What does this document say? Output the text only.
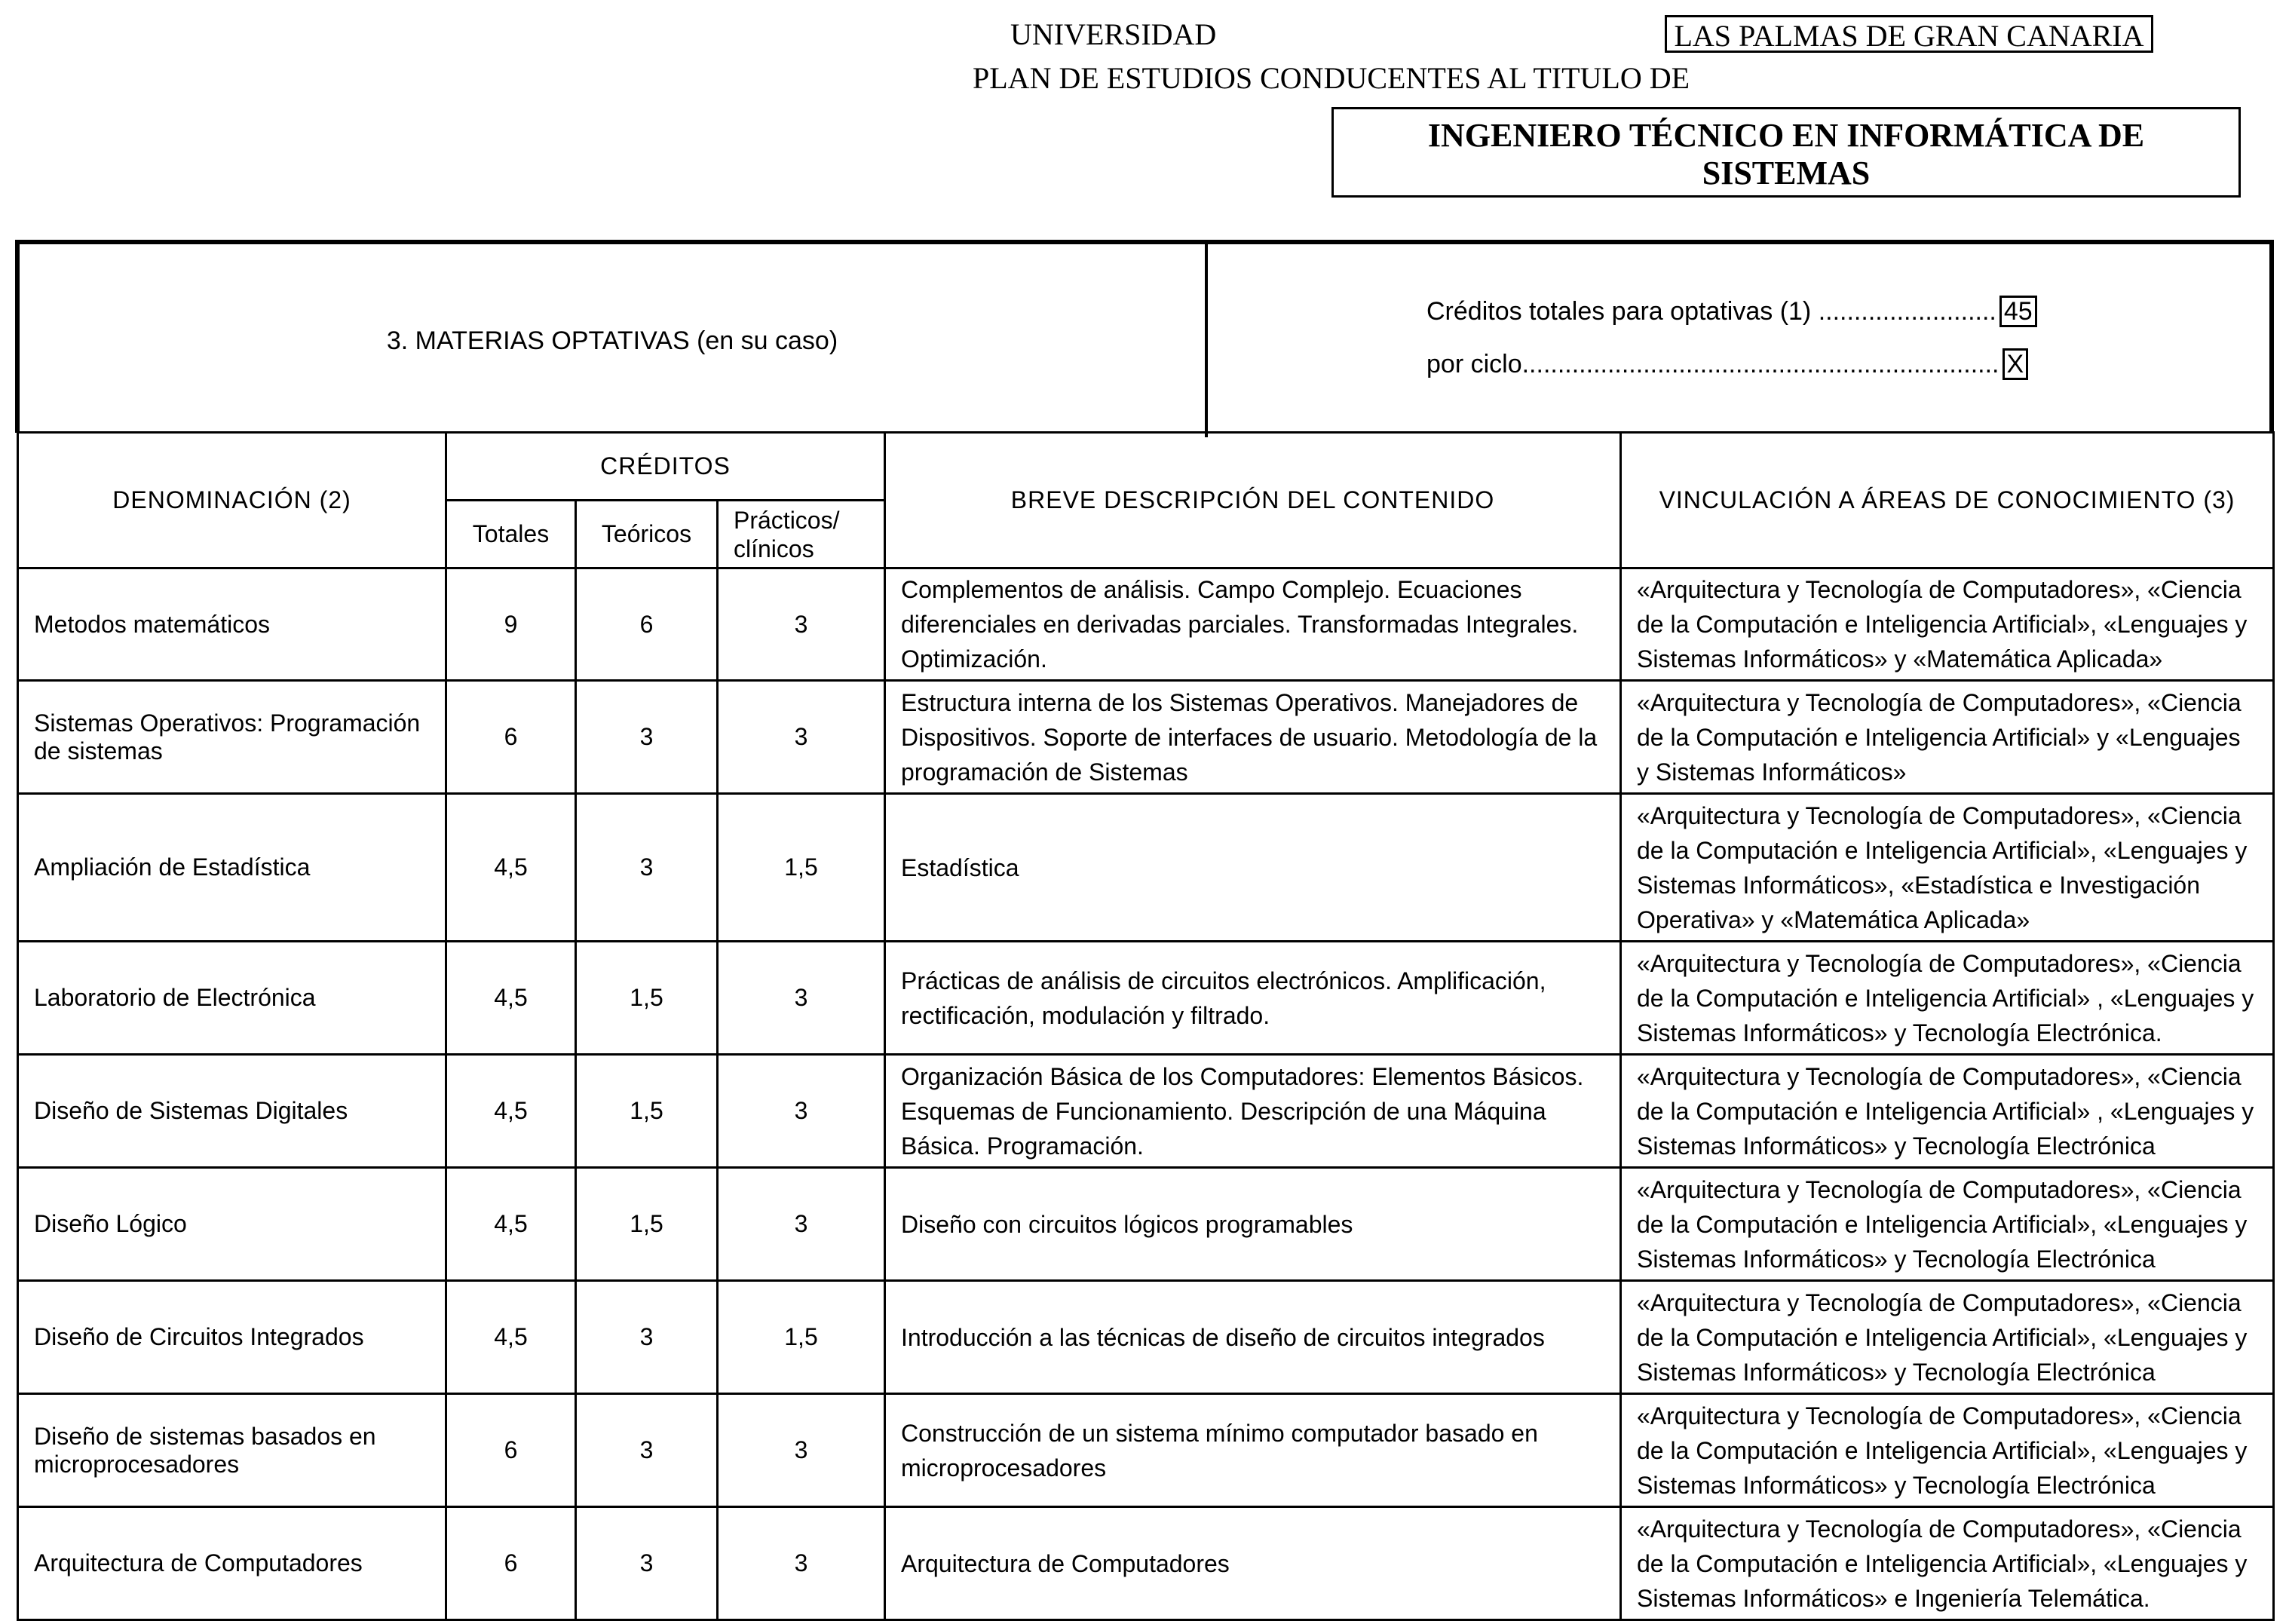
UNIVERSIDAD	LAS PALMAS DE GRAN CANARIA
PLAN DE ESTUDIOS CONDUCENTES AL TITULO DE
INGENIERO TÉCNICO EN INFORMÁTICA DE
SISTEMAS
3. MATERIAS OPTATIVAS (en su caso)
Créditos totales para optativas (1) ......................... 45
por ciclo................................................................... X
DENOMINACIÓN (2)	CRÉDITOS			BREVE DESCRIPCIÓN DEL CONTENIDO	VINCULACIÓN A ÁREAS DE CONOCIMIENTO (3)
	Totales	Teóricos	Prácticos/ clínicos		
Metodos matemáticos	9	6	3	Complementos de análisis. Campo Complejo. Ecuaciones diferenciales en derivadas parciales. Transformadas Integrales. Optimización.	«Arquitectura y Tecnología de Computadores», «Ciencia de la Computación e Inteligencia Artificial», «Lenguajes y Sistemas Informáticos» y «Matemática Aplicada»
Sistemas Operativos: Programación de sistemas	6	3	3	Estructura interna de los Sistemas Operativos. Manejadores de Dispositivos. Soporte de interfaces de usuario. Metodología de la programación de Sistemas	«Arquitectura y Tecnología de Computadores», «Ciencia de la Computación e Inteligencia Artificial» y «Lenguajes y Sistemas Informáticos»
Ampliación de Estadística	4,5	3	1,5	Estadística	«Arquitectura y Tecnología de Computadores», «Ciencia de la Computación e Inteligencia Artificial», «Lenguajes y Sistemas Informáticos», «Estadística e Investigación Operativa» y «Matemática Aplicada»
Laboratorio de Electrónica	4,5	1,5	3	Prácticas de análisis de circuitos electrónicos. Amplificación, rectificación, modulación y filtrado.	«Arquitectura y Tecnología de Computadores», «Ciencia de la Computación e Inteligencia Artificial» , «Lenguajes y Sistemas Informáticos» y Tecnología Electrónica.
Diseño de Sistemas Digitales	4,5	1,5	3	Organización Básica de los Computadores: Elementos Básicos. Esquemas de Funcionamiento. Descripción de una Máquina Básica. Programación.	«Arquitectura y Tecnología de Computadores», «Ciencia de la Computación e Inteligencia Artificial» , «Lenguajes y Sistemas Informáticos» y Tecnología Electrónica
Diseño Lógico	4,5	1,5	3	Diseño con circuitos lógicos programables	«Arquitectura y Tecnología de Computadores», «Ciencia de la Computación e Inteligencia Artificial», «Lenguajes y Sistemas Informáticos» y Tecnología Electrónica
Diseño de Circuitos Integrados	4,5	3	1,5	Introducción a las técnicas de diseño de circuitos integrados	«Arquitectura y Tecnología de Computadores», «Ciencia de la Computación e Inteligencia Artificial», «Lenguajes y Sistemas Informáticos» y Tecnología Electrónica
Diseño de sistemas basados en microprocesadores	6	3	3	Construcción de un sistema mínimo computador basado en microprocesadores	«Arquitectura y Tecnología de Computadores», «Ciencia de la Computación e Inteligencia Artificial», «Lenguajes y Sistemas Informáticos» y Tecnología Electrónica
Arquitectura de Computadores	6	3	3	Arquitectura de Computadores	«Arquitectura y Tecnología de Computadores», «Ciencia de la Computación e Inteligencia Artificial», «Lenguajes y Sistemas Informáticos» e Ingeniería Telemática.
